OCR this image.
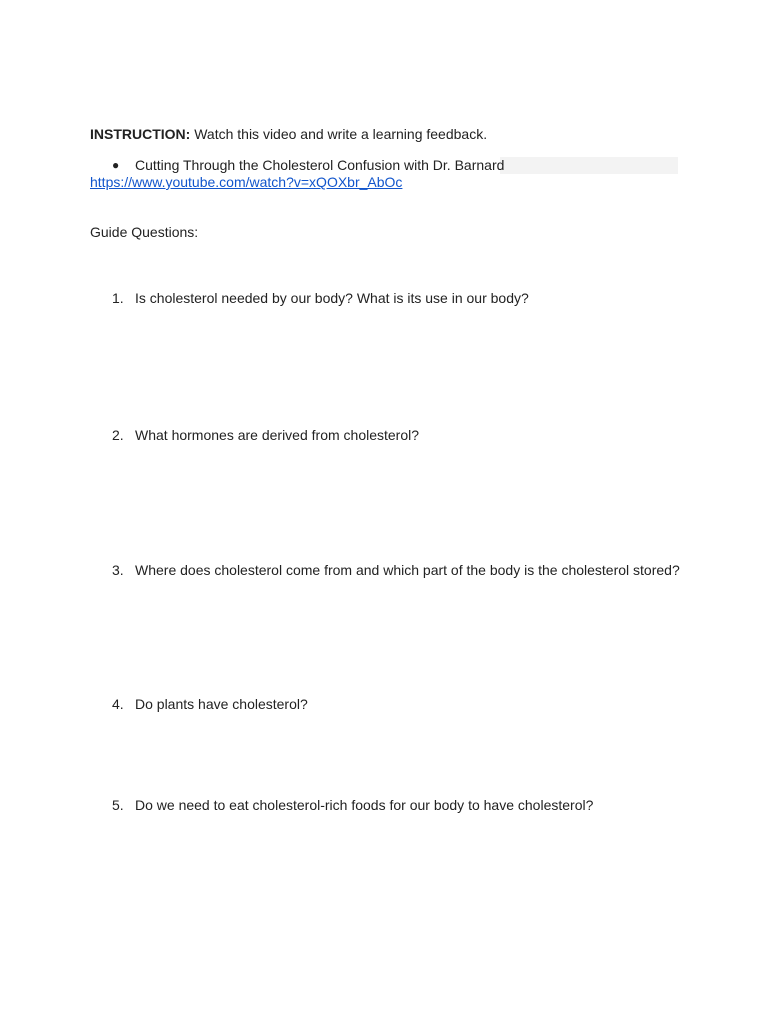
INSTRUCTION: Watch this video and write a learning feedback.
● Cutting Through the Cholesterol Confusion with Dr. Barnard
https://www.youtube.com/watch?v=xQOXbr_AbOc
Guide Questions:
1. Is cholesterol needed by our body? What is its use in our body?
2. What hormones are derived from cholesterol?
3. Where does cholesterol come from and which part of the body is the cholesterol stored?
4. Do plants have cholesterol?
5. Do we need to eat cholesterol-rich foods for our body to have cholesterol?
